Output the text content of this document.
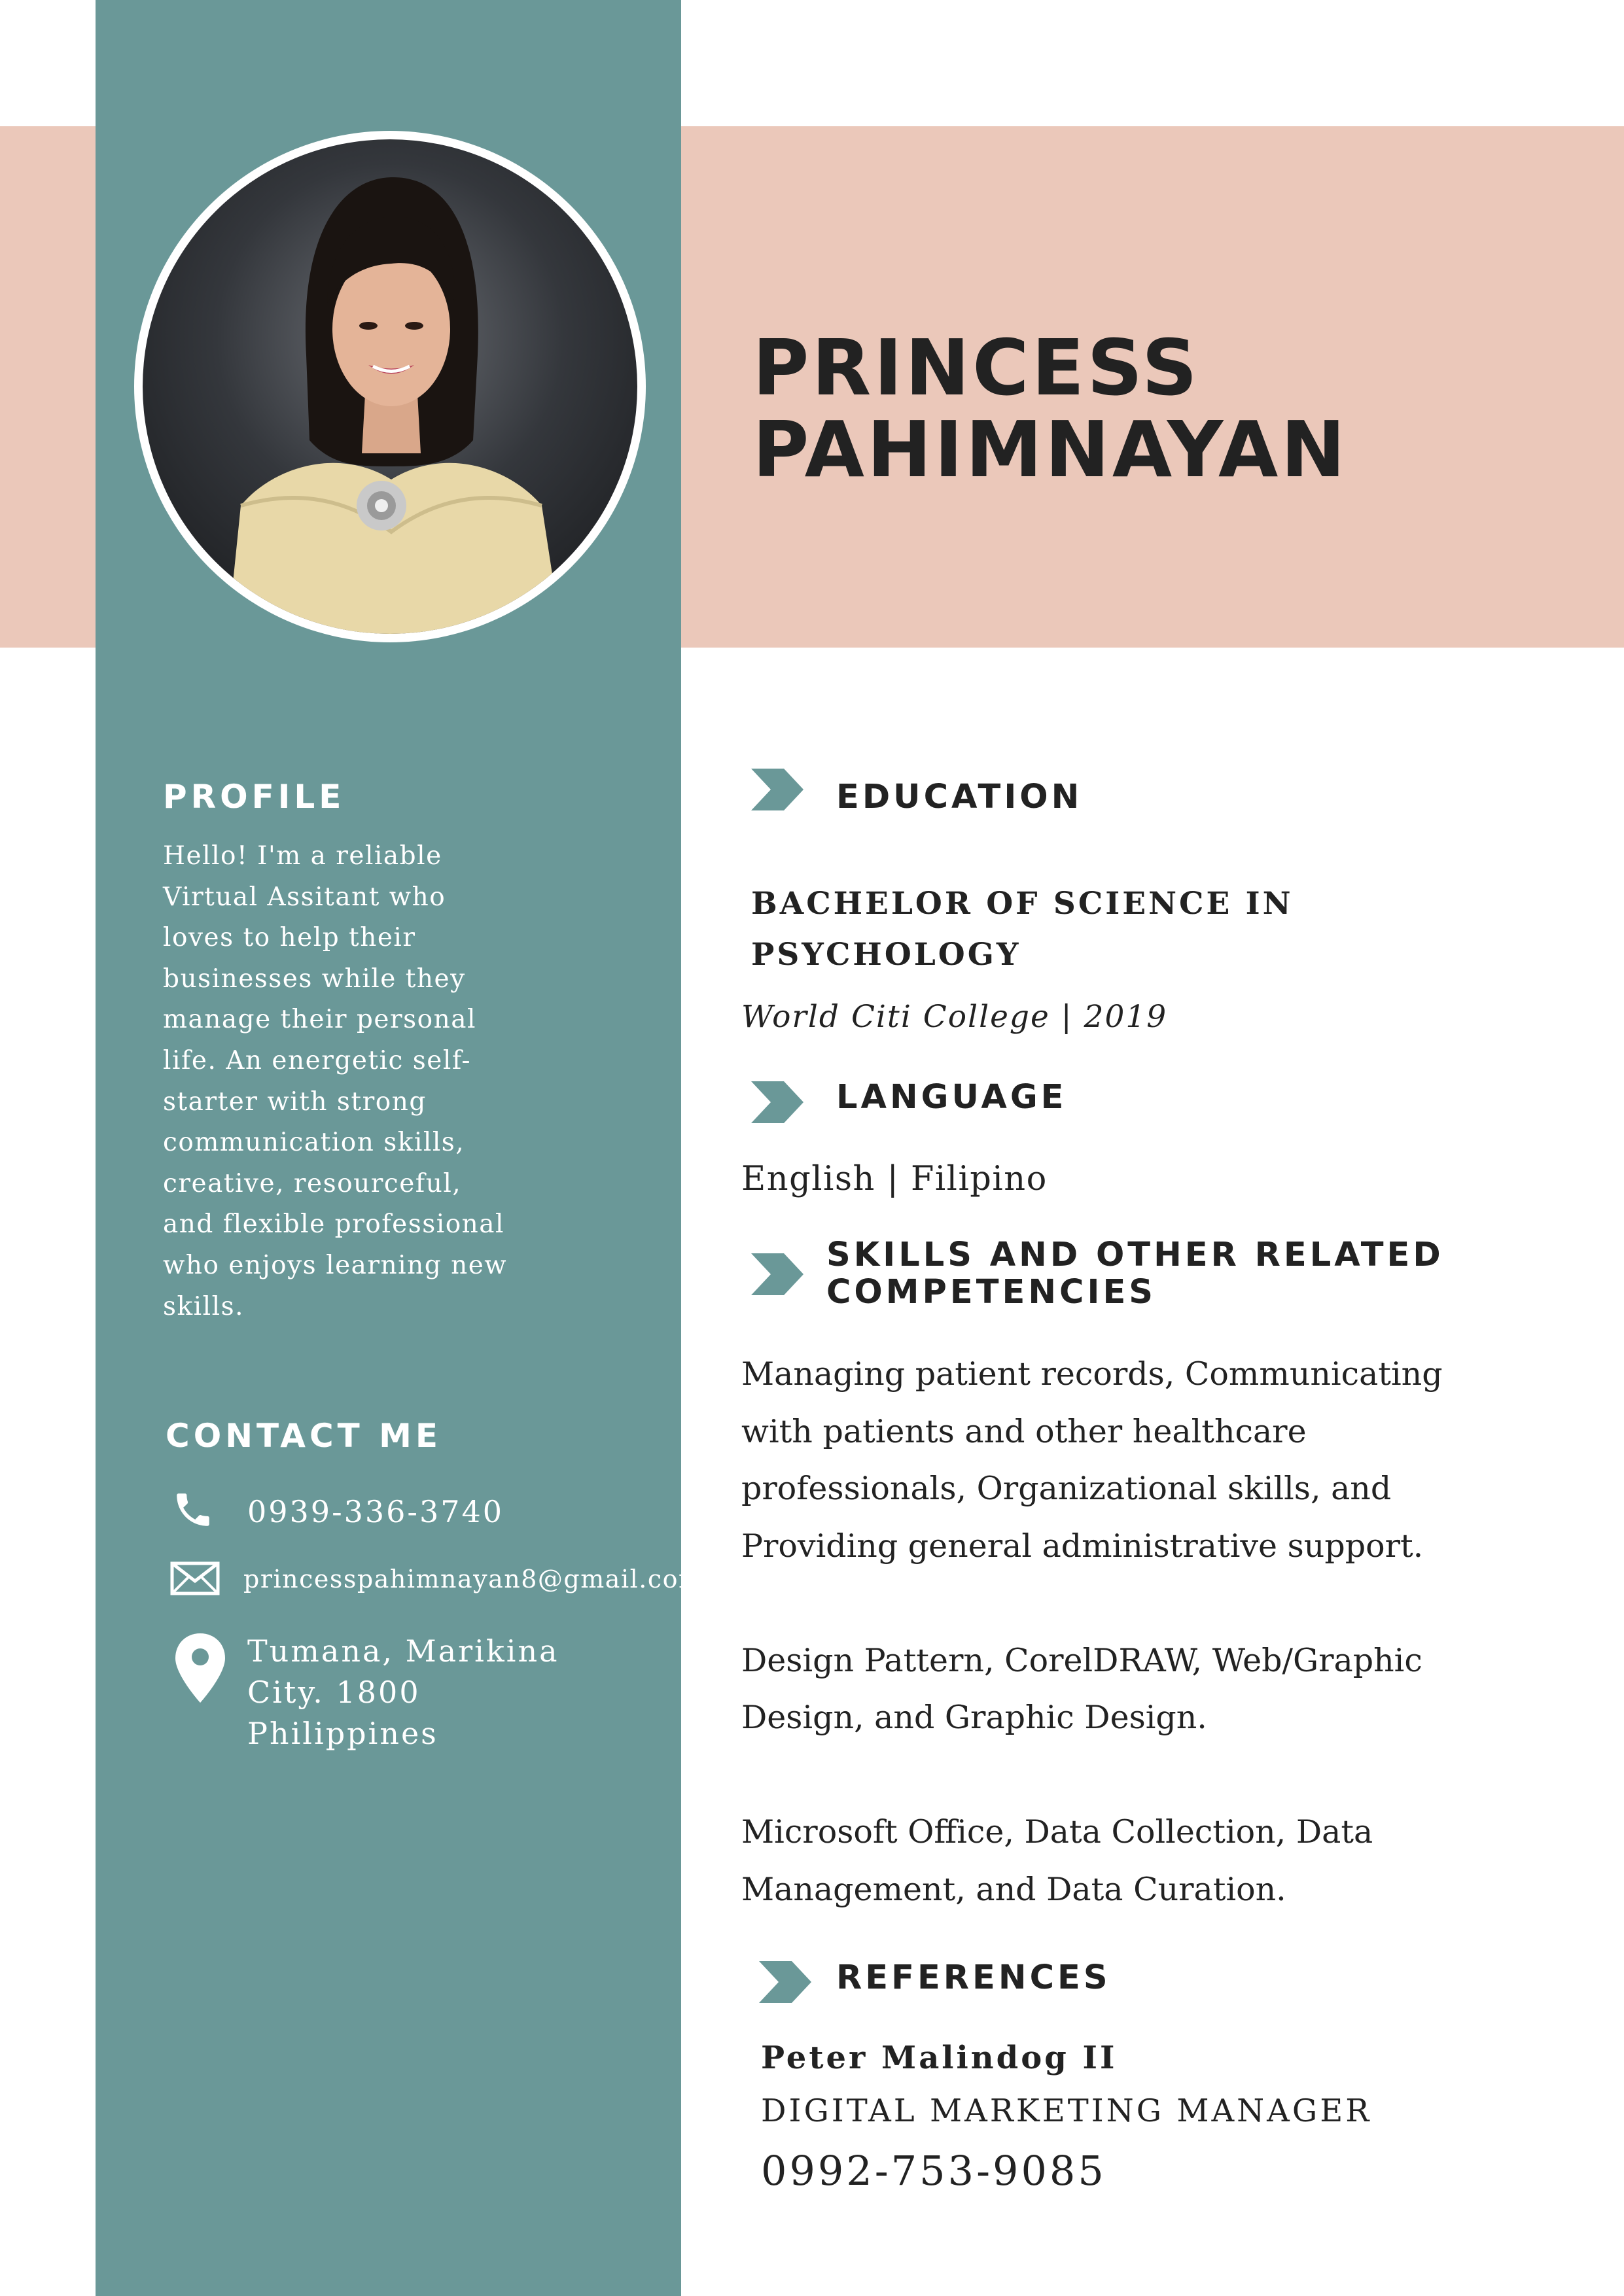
PRINCESS
PAHIMNAYAN
PROFILE
Hello! I'm a reliable
Virtual Assitant who
loves to help their
businesses while they
manage their personal
life. An energetic self-
starter with strong
communication skills,
creative, resourceful,
and flexible professional
who enjoys learning new
skills.
CONTACT ME
0939-336-3740
princesspahimnayan8@gmail.com
Tumana, Marikina
City. 1800
Philippines
EDUCATION
BACHELOR OF SCIENCE IN
PSYCHOLOGY
World Citi College | 2019
LANGUAGE
English | Filipino
SKILLS AND OTHER RELATED
COMPETENCIES
Managing patient records, Communicating
with patients and other healthcare
professionals, Organizational skills, and
Providing general administrative support.
Design Pattern, CorelDRAW, Web/Graphic
Design, and Graphic Design.
Microsoft Office, Data Collection, Data
Management, and Data Curation.
REFERENCES
Peter Malindog II
DIGITAL MARKETING MANAGER
0992-753-9085
